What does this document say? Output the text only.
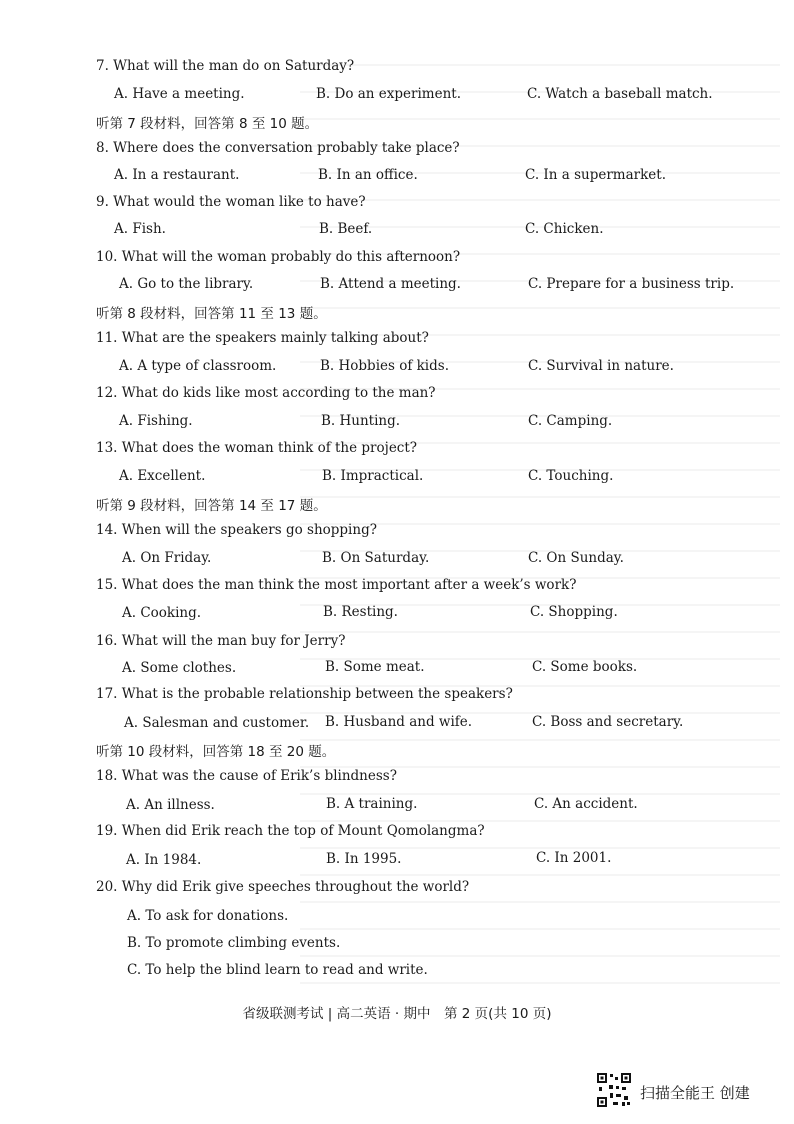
7. What will the man do on Saturday?
A. Have a meeting.	B. Do an experiment.	C. Watch a baseball match.
听第 7 段材料，回答第 8 至 10 题。
8. Where does the conversation probably take place?
A. In a restaurant.	B. In an office.	C. In a supermarket.
9. What would the woman like to have?
A. Fish.	B. Beef.	C. Chicken.
10. What will the woman probably do this afternoon?
A. Go to the library.	B. Attend a meeting.	C. Prepare for a business trip.
听第 8 段材料，回答第 11 至 13 题。
11. What are the speakers mainly talking about?
A. A type of classroom.	B. Hobbies of kids.	C. Survival in nature.
12. What do kids like most according to the man?
A. Fishing.	B. Hunting.	C. Camping.
13. What does the woman think of the project?
A. Excellent.	B. Impractical.	C. Touching.
听第 9 段材料，回答第 14 至 17 题。
14. When will the speakers go shopping?
A. On Friday.	B. On Saturday.	C. On Sunday.
15. What does the man think the most important after a week’s work?
A. Cooking.	B. Resting.	C. Shopping.
16. What will the man buy for Jerry?
A. Some clothes.	B. Some meat.	C. Some books.
17. What is the probable relationship between the speakers?
A. Salesman and customer. B. Husband and wife.	C. Boss and secretary.
听第 10 段材料，回答第 18 至 20 题。
18. What was the cause of Erik’s blindness?
A. An illness.	B. A training.	C. An accident.
19. When did Erik reach the top of Mount Qomolangma?
A. In 1984.	B. In 1995.	C. In 2001.
20. Why did Erik give speeches throughout the world?
A. To ask for donations.
B. To promote climbing events.
C. To help the blind learn to read and write.
省级联测考试 | 高二英语 · 期中　第 2 页(共 10 页)
扫描全能王 创建
